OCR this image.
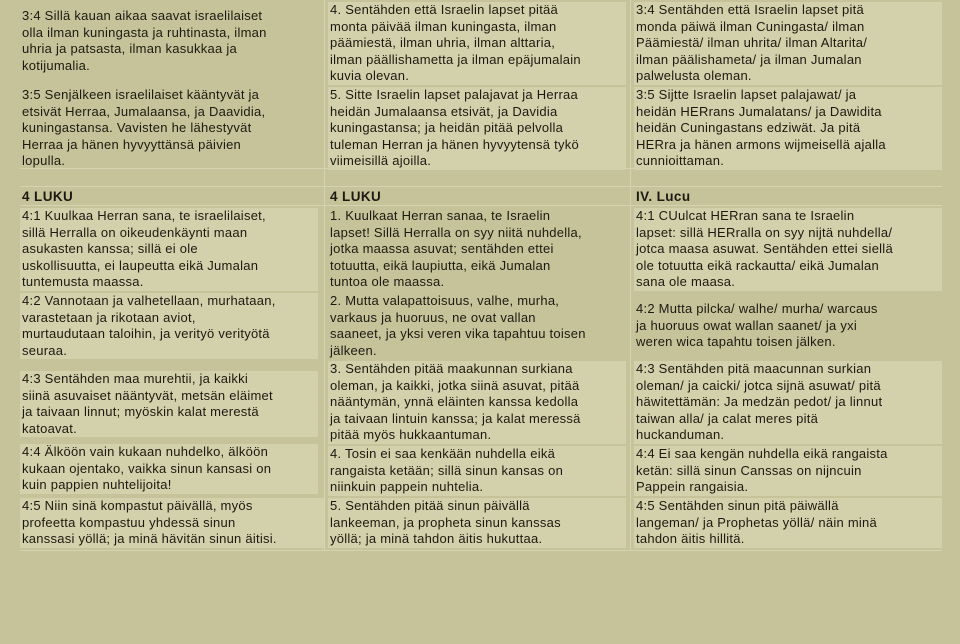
3:4 Sillä kauan aikaa saavat israelilaiset
olla ilman kuningasta ja ruhtinasta, ilman
uhria ja patsasta, ilman kasukkaa ja
kotijumalia.
3:5 Senjälkeen israelilaiset kääntyvät ja
etsivät Herraa, Jumalaansa, ja Daavidia,
kuningastansa. Vavisten he lähestyvät
Herraa ja hänen hyvyyttänsä päivien
lopulla.
4 LUKU
4:1 Kuulkaa Herran sana, te israelilaiset,
sillä Herralla on oikeudenkäynti maan
asukasten kanssa; sillä ei ole
uskollisuutta, ei laupeutta eikä Jumalan
tuntemusta maassa.
4:2 Vannotaan ja valhetellaan, murhataan,
varastetaan ja rikotaan aviot,
murtaudutaan taloihin, ja verityö verityötä
seuraa.
4:3 Sentähden maa murehtii, ja kaikki
siinä asuvaiset nääntyvät, metsän eläimet
ja taivaan linnut; myöskin kalat merestä
katoavat.
4:4 Älköön vain kukaan nuhdelko, älköön
kukaan ojentako, vaikka sinun kansasi on
kuin pappien nuhtelijoita!
4:5 Niin sinä kompastut päivällä, myös
profeetta kompastuu yhdessä sinun
kanssasi yöllä; ja minä hävitän sinun äitisi.
4. Sentähden että Israelin lapset pitää
monta päivää ilman kuningasta, ilman
päämiestä, ilman uhria, ilman alttaria,
ilman päällishametta ja ilman epäjumalain
kuvia olevan.
5. Sitte Israelin lapset palajavat ja Herraa
heidän Jumalaansa etsivät, ja Davidia
kuningastansa; ja heidän pitää pelvolla
tuleman Herran ja hänen hyvyytensä tykö
viimeisillä ajoilla.
4 LUKU
1. Kuulkaat Herran sanaa, te Israelin
lapset! Sillä Herralla on syy niitä nuhdella,
jotka maassa asuvat; sentähden ettei
totuutta, eikä laupiutta, eikä Jumalan
tuntoa ole maassa.
2. Mutta valapattoisuus, valhe, murha,
varkaus ja huoruus, ne ovat vallan
saaneet, ja yksi veren vika tapahtuu toisen
jälkeen.
3. Sentähden pitää maakunnan surkiana
oleman, ja kaikki, jotka siinä asuvat, pitää
nääntymän, ynnä eläinten kanssa kedolla
ja taivaan lintuin kanssa; ja kalat meressä
pitää myös hukkaantuman.
4. Tosin ei saa kenkään nuhdella eikä
rangaista ketään; sillä sinun kansas on
niinkuin pappein nuhtelia.
5. Sentähden pitää sinun päivällä
lankeeman, ja propheta sinun kanssas
yöllä; ja minä tahdon äitis hukuttaa.
3:4 Sentähden että Israelin lapset pitä
monda päiwä ilman Cuningasta/ ilman
Päämiestä/ ilman uhrita/ ilman Altarita/
ilman päälishameta/ ja ilman Jumalan
palwelusta oleman.
3:5 Sijtte Israelin lapset palajawat/ ja
heidän HERrans Jumalatans/ ja Dawidita
heidän Cuningastans edziwät. Ja pitä
HERra ja hänen armons wijmeisellä ajalla
cunnioittaman.
IV. Lucu
4:1 CUulcat HERran sana te Israelin
lapset: sillä HERralla on syy nijtä nuhdella/
jotca maasa asuwat. Sentähden ettei siellä
ole totuutta eikä rackautta/ eikä Jumalan
sana ole maasa.
4:2 Mutta pilcka/ walhe/ murha/ warcaus
ja huoruus owat wallan saanet/ ja yxi
weren wica tapahtu toisen jälken.
4:3 Sentähden pitä maacunnan surkian
oleman/ ja caicki/ jotca sijnä asuwat/ pitä
häwitettämän: Ja medzän pedot/ ja linnut
taiwan alla/ ja calat meres pitä
huckanduman.
4:4 Ei saa kengän nuhdella eikä rangaista
ketän: sillä sinun Canssas on nijncuin
Pappein rangaisia.
4:5 Sentähden sinun pitä päiwällä
langeman/ ja Prophetas yöllä/ näin minä
tahdon äitis hillitä.
